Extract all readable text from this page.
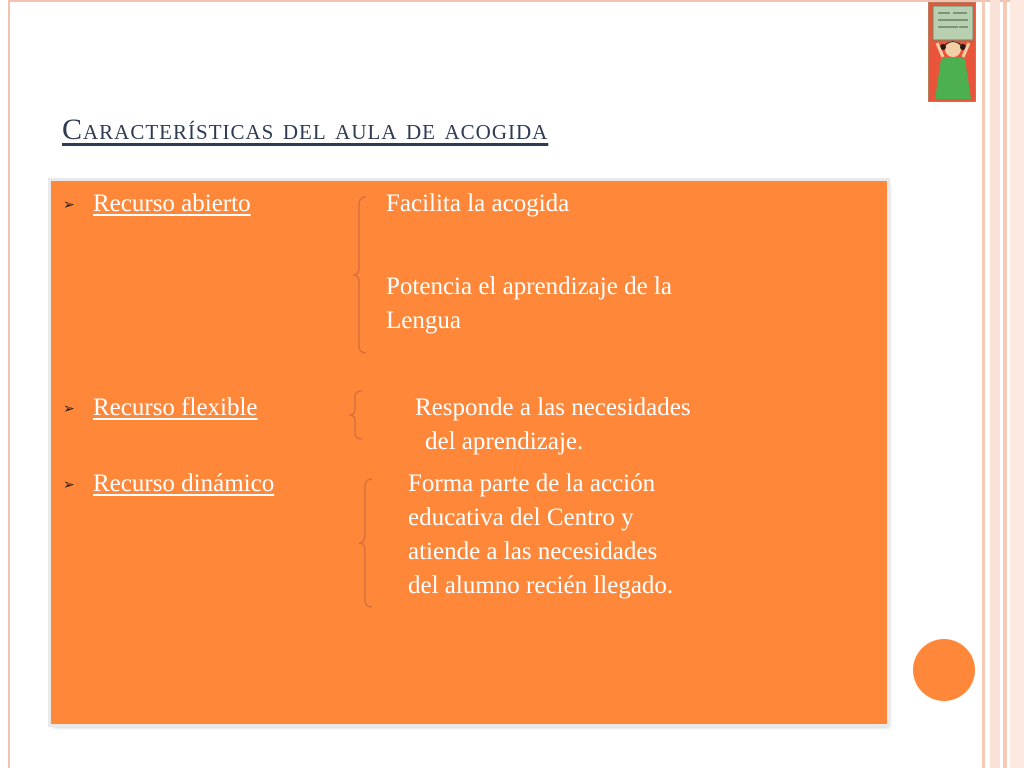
Características del aula de acogida
➢ Recurso abierto	Facilita la acogida
Potencia el aprendizaje de la
Lengua
➢ Recurso flexible	Responde a las necesidades
del aprendizaje.
➢ Recurso dinámico	Forma parte de la acción
educativa del Centro y
atiende a las necesidades
del alumno recién llegado.
